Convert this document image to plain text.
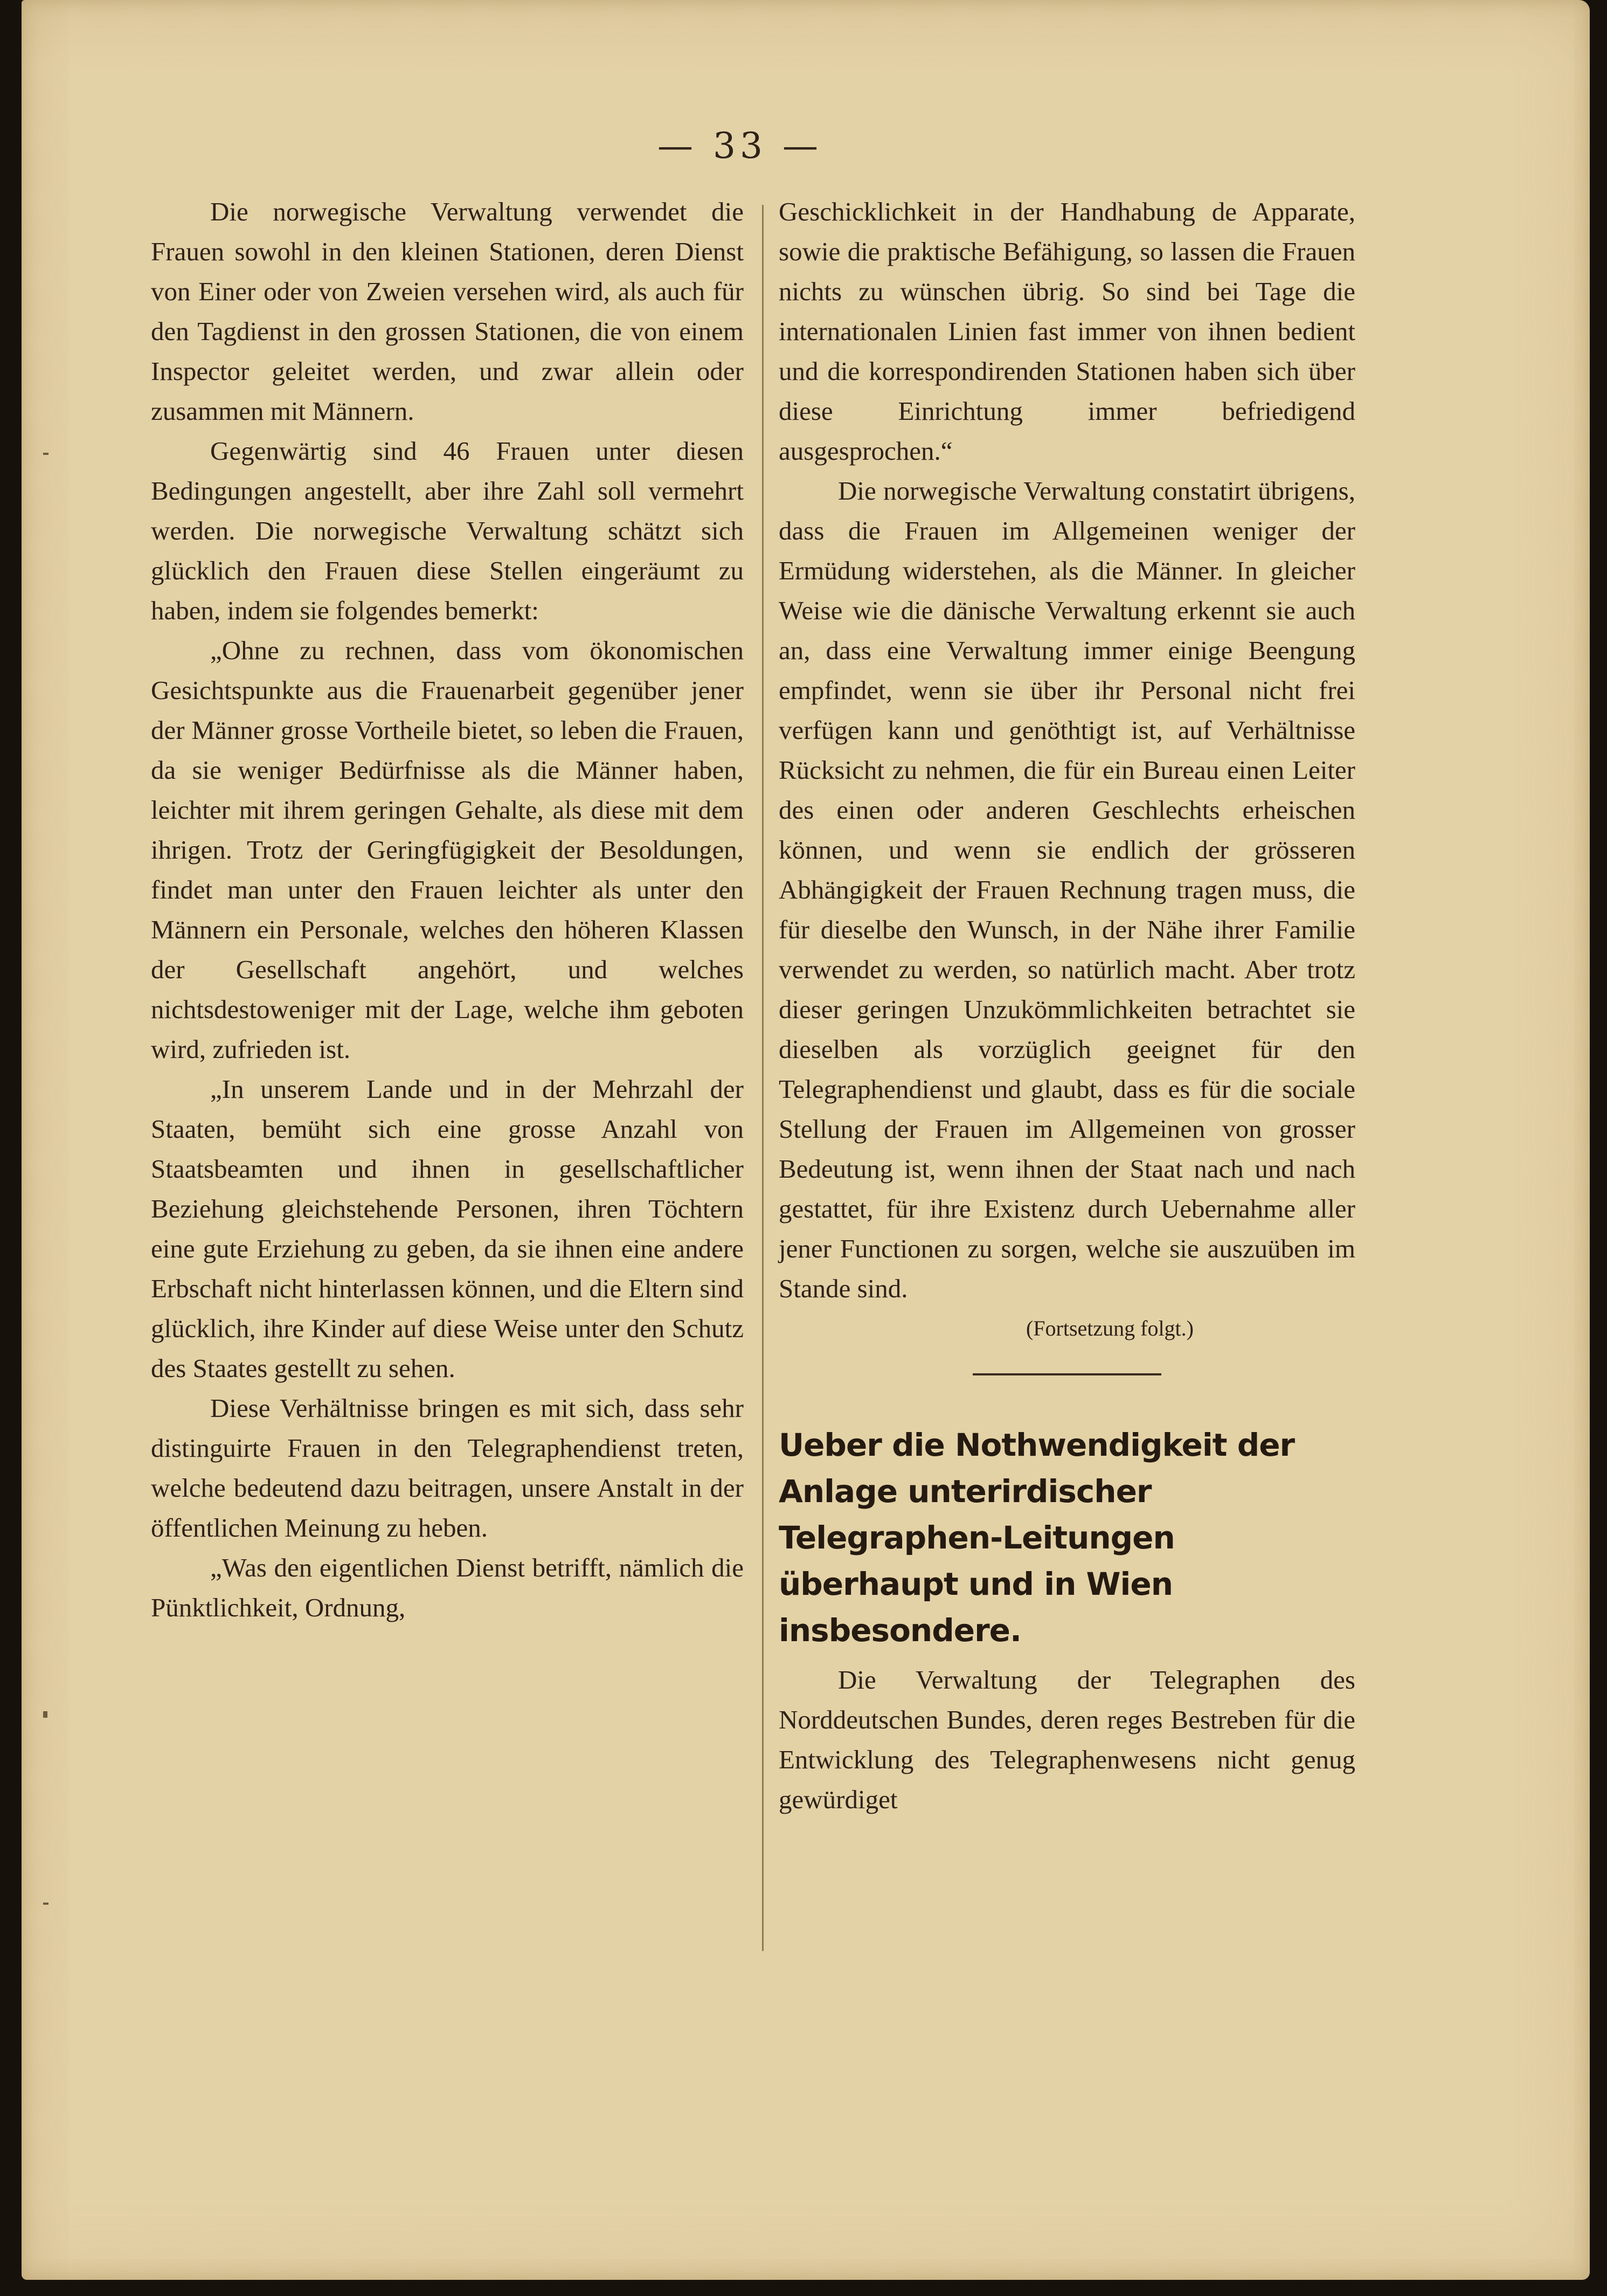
— 33 —

Die norwegische Verwaltung verwendet die Frauen sowohl in den kleinen Stationen, deren Dienst von Einer oder von Zweien versehen wird, als auch für den Tagdienst in den grossen Stationen, die von einem Inspector geleitet werden, und zwar allein oder zusammen mit Männern.

Gegenwärtig sind 46 Frauen unter diesen Bedingungen angestellt, aber ihre Zahl soll vermehrt werden. Die norwegische Verwaltung schätzt sich glücklich den Frauen diese Stellen eingeräumt zu haben, indem sie folgendes bemerkt:

„Ohne zu rechnen, dass vom ökonomischen Gesichtspunkte aus die Frauenarbeit gegenüber jener der Männer grosse Vortheile bietet, so leben die Frauen, da sie weniger Bedürfnisse als die Männer haben, leichter mit ihrem geringen Gehalte, als diese mit dem ihrigen. Trotz der Geringfügigkeit der Besoldungen, findet man unter den Frauen leichter als unter den Männern ein Personale, welches den höheren Klassen der Gesellschaft angehört, und welches nichtsdestoweniger mit der Lage, welche ihm geboten wird, zufrieden ist.

„In unserem Lande und in der Mehrzahl der Staaten, bemüht sich eine grosse Anzahl von Staatsbeamten und ihnen in gesellschaftlicher Beziehung gleichstehende Personen, ihren Töchtern eine gute Erziehung zu geben, da sie ihnen eine andere Erbschaft nicht hinterlassen können, und die Eltern sind glücklich, ihre Kinder auf diese Weise unter den Schutz des Staates gestellt zu sehen.

Diese Verhältnisse bringen es mit sich, dass sehr distinguirte Frauen in den Telegraphendienst treten, welche bedeutend dazu beitragen, unsere Anstalt in der öffentlichen Meinung zu heben.

„Was den eigentlichen Dienst betrifft, nämlich die Pünktlichkeit, Ordnung,

Geschicklichkeit in der Handhabung de Apparate, sowie die praktische Befähigung, so lassen die Frauen nichts zu wünschen übrig. So sind bei Tage die internationalen Linien fast immer von ihnen bedient und die korrespondirenden Stationen haben sich über diese Einrichtung immer befriedigend ausgesprochen.“

Die norwegische Verwaltung constatirt übrigens, dass die Frauen im Allgemeinen weniger der Ermüdung widerstehen, als die Männer. In gleicher Weise wie die dänische Verwaltung erkennt sie auch an, dass eine Verwaltung immer einige Beengung empfindet, wenn sie über ihr Personal nicht frei verfügen kann und genöthtigt ist, auf Verhältnisse Rücksicht zu nehmen, die für ein Bureau einen Leiter des einen oder anderen Geschlechts erheischen können, und wenn sie endlich der grösseren Abhängigkeit der Frauen Rechnung tragen muss, die für dieselbe den Wunsch, in der Nähe ihrer Familie verwendet zu werden, so natürlich macht. Aber trotz dieser geringen Unzukömmlichkeiten betrachtet sie dieselben als vorzüglich geeignet für den Telegraphendienst und glaubt, dass es für die sociale Stellung der Frauen im Allgemeinen von grosser Bedeutung ist, wenn ihnen der Staat nach und nach gestattet, für ihre Existenz durch Uebernahme aller jener Functionen zu sorgen, welche sie auszuüben im Stande sind.

(Fortsetzung folgt.)
Ueber die Nothwendigkeit der Anlage unterirdischer Telegraphen-Leitungen überhaupt und in Wien insbesondere.

Die Verwaltung der Telegraphen des Norddeutschen Bundes, deren reges Bestreben für die Entwicklung des Telegraphenwesens nicht genug gewürdiget
